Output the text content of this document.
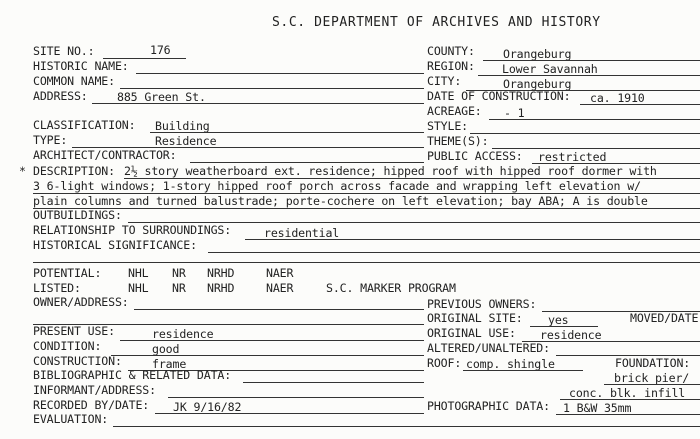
S.C. DEPARTMENT OF ARCHIVES AND HISTORY
SITE NO.:	176
HISTORIC NAME:
COMMON NAME:
ADDRESS:	885 Green St.
CLASSIFICATION: Building
TYPE:	Residence
ARCHITECT/CONTRACTOR:
COUNTY: Orangeburg
REGION: Lower Savannah
CITY:	Orangeburg
DATE OF CONSTRUCTION: ca. 1910
ACREAGE: - 1
STYLE:
THEME(S):
PUBLIC ACCESS: restricted
* DESCRIPTION: 2½ story weatherboard ext. residence; hipped roof with hipped roof dormer with
3 6-light windows; 1-story hipped roof porch across facade and wrapping left elevation w/
plain columns and turned balustrade; porte-cochere on left elevation; bay ABA; A is double
OUTBUILDINGS:
RELATIONSHIP TO SURROUNDINGS:	residential
HISTORICAL SIGNIFICANCE:
POTENTIAL: NHL NR NRHD	NAER
LISTED:	NHL NR NRHD	NAER	S.C. MARKER PROGRAM
OWNER/ADDRESS:
PRESENT USE:	residence
CONDITION:	good
CONSTRUCTION:	frame
BIBLIOGRAPHIC & RELATED DATA:
INFORMANT/ADDRESS:
RECORDED BY/DATE: JK 9/16/82
EVALUATION:
PREVIOUS OWNERS:
ORIGINAL SITE: yes	MOVED/DATE
ORIGINAL USE: residence
ALTERED/UNALTERED:
ROOF: comp. shingle	FOUNDATION:
brick pier/
conc. blk. infill
PHOTOGRAPHIC DATA: 1 B&W 35mm
